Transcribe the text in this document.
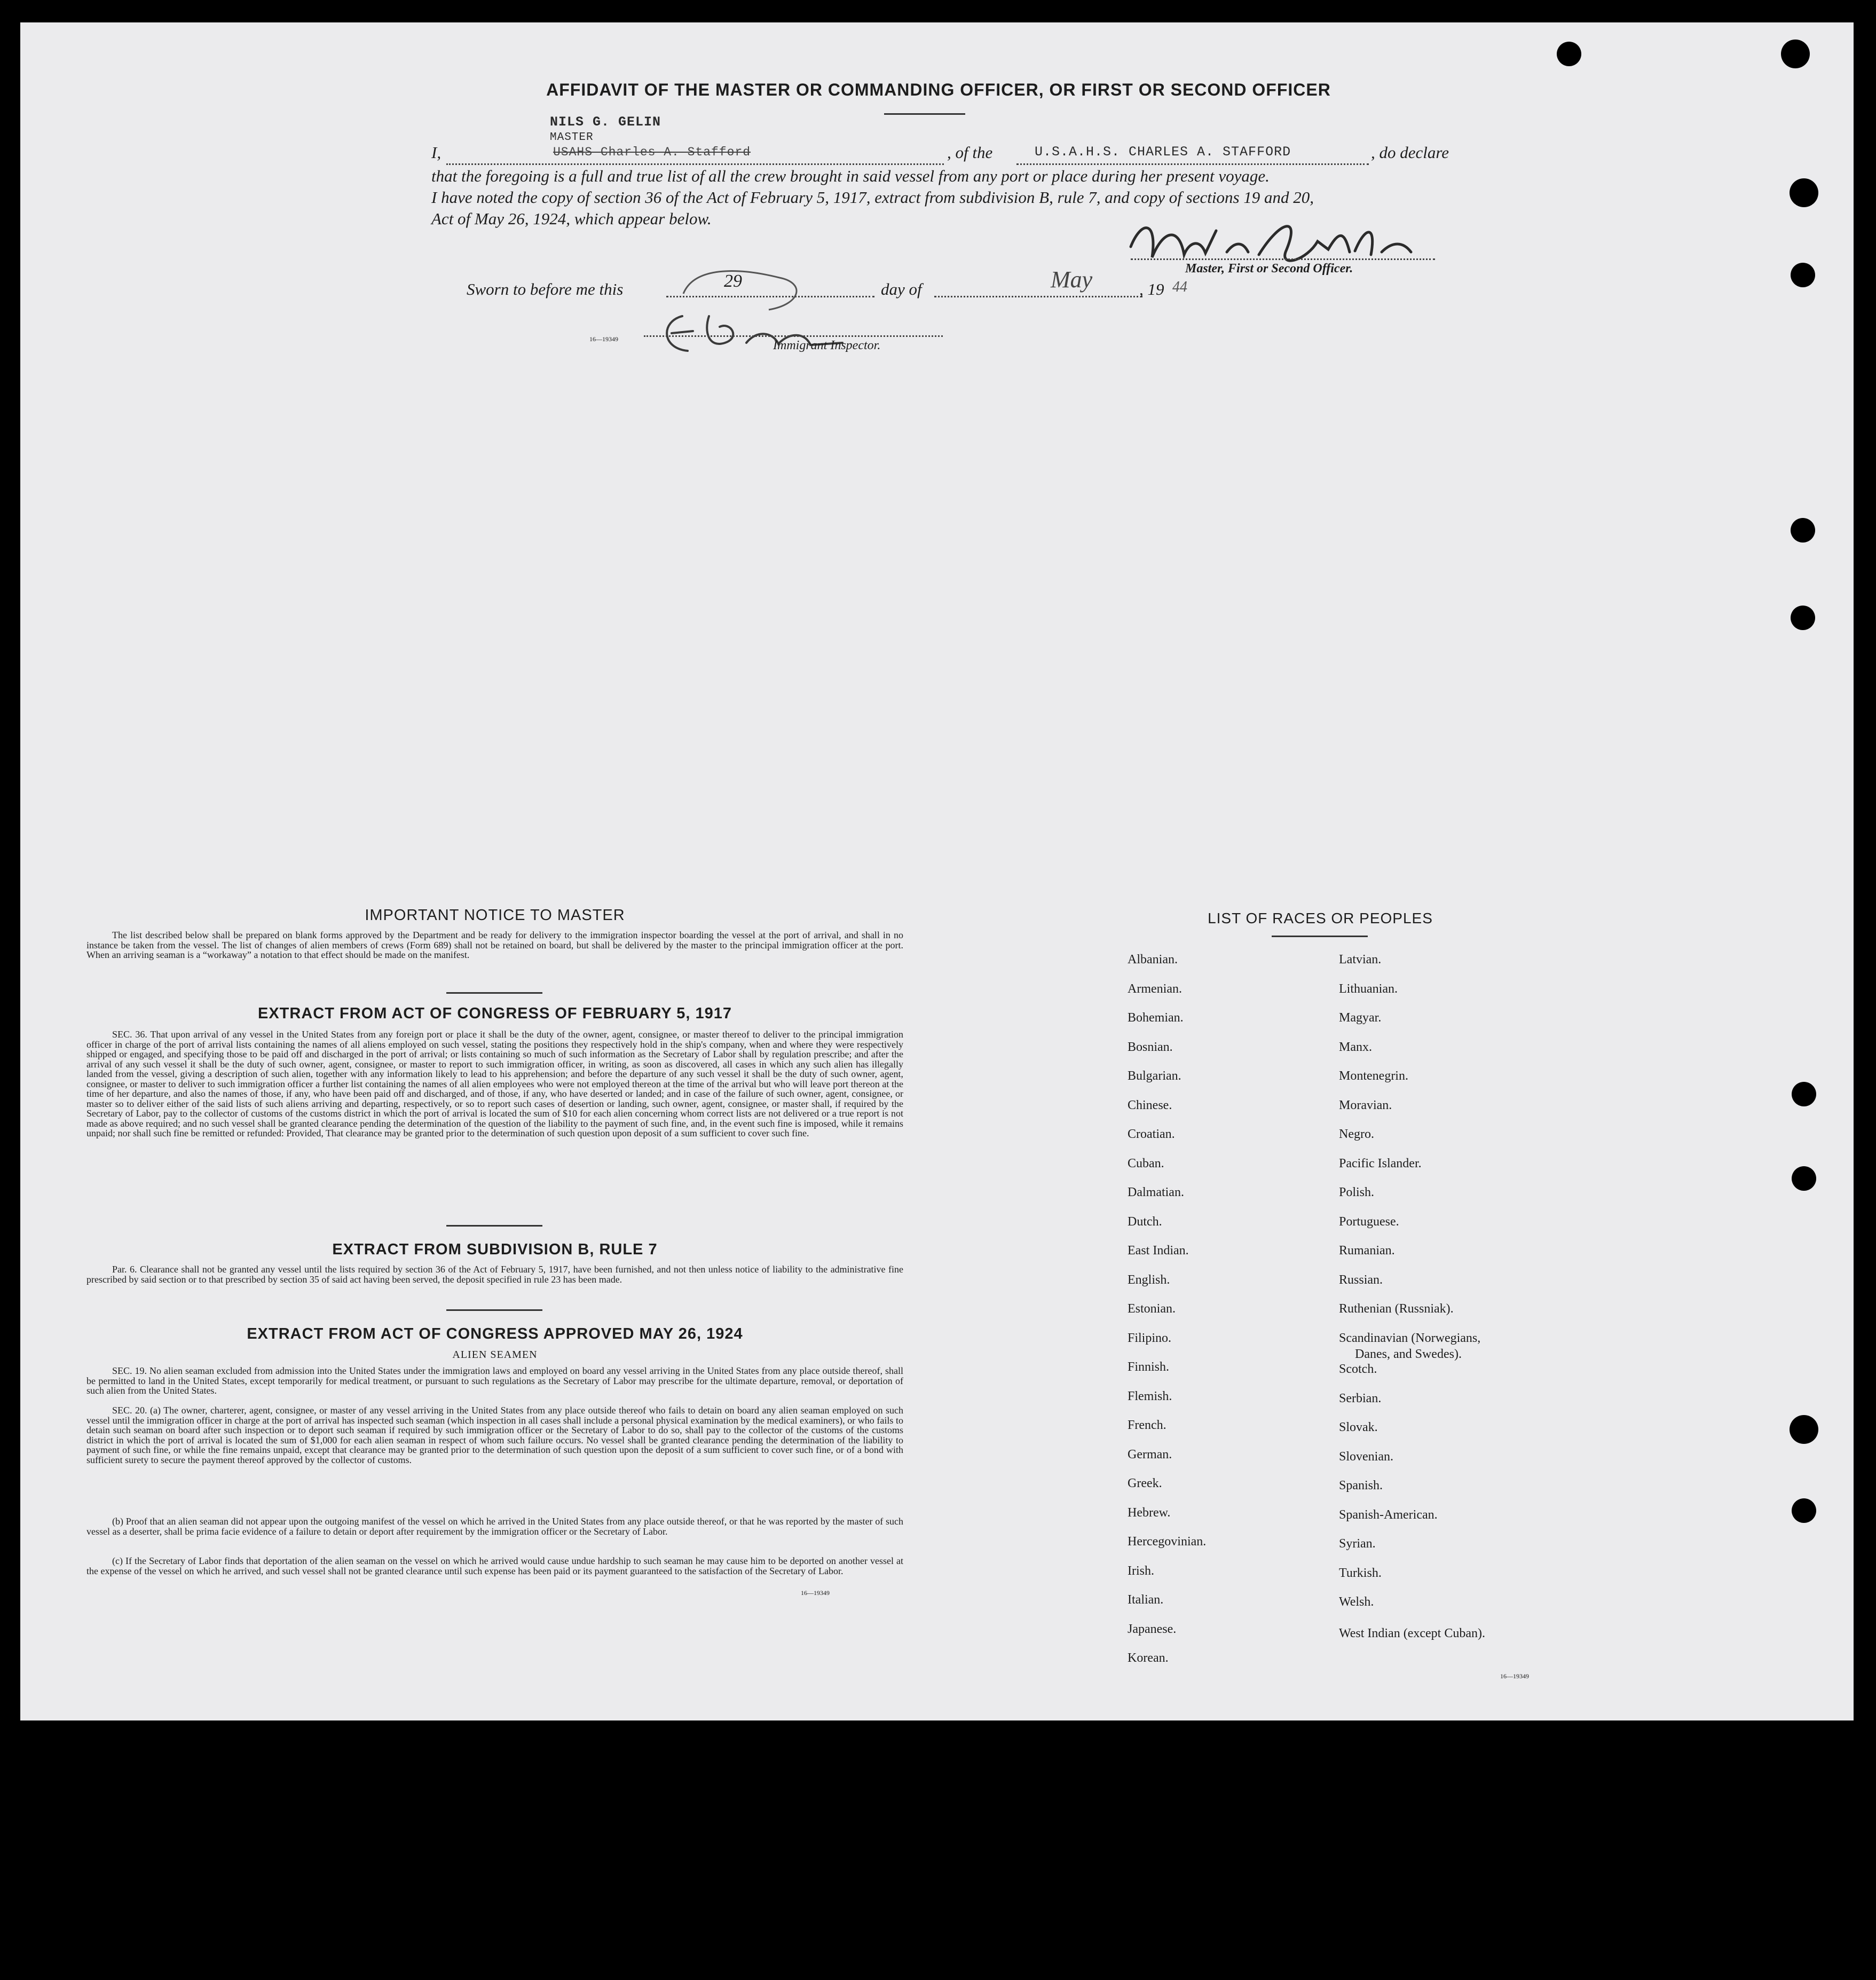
AFFIDAVIT OF THE MASTER OR COMMANDING OFFICER, OR FIRST OR SECOND OFFICER
NILS G. GELIN
MASTER
I,	USAHS Charles A. Stafford	, of the	U.S.A.H.S. CHARLES A. STAFFORD	, do declare
that the foregoing is a full and true list of all the crew brought in said vessel from any port or place during her present voyage.
I have noted the copy of section 36 of the Act of February 5, 1917, extract from subdivision B, rule 7, and copy of sections 19 and 20,
Act of May 26, 1924, which appear below.
Master, First or Second Officer.
Sworn to before me this	29	day of	May	, 19 44
16—19349	Immigrant Inspector.
IMPORTANT NOTICE TO MASTER
The list described below shall be prepared on blank forms approved by the Department and be ready for delivery to the immigration inspector boarding the vessel at the port of arrival, and shall in no instance be taken from the vessel. The list of changes of alien members of crews (Form 689) shall not be retained on board, but shall be delivered by the master to the principal immigration officer at the port. When an arriving seaman is a “workaway” a notation to that effect should be made on the manifest.
EXTRACT FROM ACT OF CONGRESS OF FEBRUARY 5, 1917
SEC. 36. That upon arrival of any vessel in the United States from any foreign port or place it shall be the duty of the owner, agent, consignee, or master thereof to deliver to the principal immigration officer in charge of the port of arrival lists containing the names of all aliens employed on such vessel, stating the positions they respectively hold in the ship's company, when and where they were respectively shipped or engaged, and specifying those to be paid off and discharged in the port of arrival; or lists containing so much of such information as the Secretary of Labor shall by regulation prescribe; and after the arrival of any such vessel it shall be the duty of such owner, agent, consignee, or master to report to such immigration officer, in writing, as soon as discovered, all cases in which any such alien has illegally landed from the vessel, giving a description of such alien, together with any information likely to lead to his apprehension; and before the departure of any such vessel it shall be the duty of such owner, agent, consignee, or master to deliver to such immigration officer a further list containing the names of all alien employees who were not employed thereon at the time of the arrival but who will leave port thereon at the time of her departure, and also the names of those, if any, who have been paid off and discharged, and of those, if any, who have deserted or landed; and in case of the failure of such owner, agent, consignee, or master so to deliver either of the said lists of such aliens arriving and departing, respectively, or so to report such cases of desertion or landing, such owner, agent, consignee, or master shall, if required by the Secretary of Labor, pay to the collector of customs of the customs district in which the port of arrival is located the sum of $10 for each alien concerning whom correct lists are not delivered or a true report is not made as above required; and no such vessel shall be granted clearance pending the determination of the question of the liability to the payment of such fine, and, in the event such fine is imposed, while it remains unpaid; nor shall such fine be remitted or refunded: Provided, That clearance may be granted prior to the determination of such question upon deposit of a sum sufficient to cover such fine.
EXTRACT FROM SUBDIVISION B, RULE 7
Par. 6. Clearance shall not be granted any vessel until the lists required by section 36 of the Act of February 5, 1917, have been furnished, and not then unless notice of liability to the administrative fine prescribed by said section or to that prescribed by section 35 of said act having been served, the deposit specified in rule 23 has been made.
EXTRACT FROM ACT OF CONGRESS APPROVED MAY 26, 1924
ALIEN SEAMEN
SEC. 19. No alien seaman excluded from admission into the United States under the immigration laws and employed on board any vessel arriving in the United States from any place outside thereof, shall be permitted to land in the United States, except temporarily for medical treatment, or pursuant to such regulations as the Secretary of Labor may prescribe for the ultimate departure, removal, or deportation of such alien from the United States.
SEC. 20. (a) The owner, charterer, agent, consignee, or master of any vessel arriving in the United States from any place outside thereof who fails to detain on board any alien seaman employed on such vessel until the immigration officer in charge at the port of arrival has inspected such seaman (which inspection in all cases shall include a personal physical examination by the medical examiners), or who fails to detain such seaman on board after such inspection or to deport such seaman if required by such immigration officer or the Secretary of Labor to do so, shall pay to the collector of the customs of the customs district in which the port of arrival is located the sum of $1,000 for each alien seaman in respect of whom such failure occurs. No vessel shall be granted clearance pending the determination of the liability to payment of such fine, or while the fine remains unpaid, except that clearance may be granted prior to the determination of such question upon the deposit of a sum sufficient to cover such fine, or of a bond with sufficient surety to secure the payment thereof approved by the collector of customs.
(b) Proof that an alien seaman did not appear upon the outgoing manifest of the vessel on which he arrived in the United States from any place outside thereof, or that he was reported by the master of such vessel as a deserter, shall be prima facie evidence of a failure to detain or deport after requirement by the immigration officer or the Secretary of Labor.
(c) If the Secretary of Labor finds that deportation of the alien seaman on the vessel on which he arrived would cause undue hardship to such seaman he may cause him to be deported on another vessel at the expense of the vessel on which he arrived, and such vessel shall not be granted clearance until such expense has been paid or its payment guaranteed to the satisfaction of the Secretary of Labor.
16—19349
LIST OF RACES OR PEOPLES
16—19349
Albanian.
Armenian.
Bohemian.
Bosnian.
Bulgarian.
Chinese.
Croatian.
Cuban.
Dalmatian.
Dutch.
East Indian.
English.
Estonian.
Filipino.
Finnish.
Flemish.
French.
German.
Greek.
Hebrew.
Hercegovinian.
Irish.
Italian.
Japanese.
Korean.
Latvian.
Lithuanian.
Magyar.
Manx.
Montenegrin.
Moravian.
Negro.
Pacific Islander.
Polish.
Portuguese.
Rumanian.
Russian.
Ruthenian (Russniak).
Scandinavian (Norwegians,
Danes, and Swedes).
Scotch.
Serbian.
Slovak.
Slovenian.
Spanish.
Spanish-American.
Syrian.
Turkish.
Welsh.
West Indian (except Cuban).
